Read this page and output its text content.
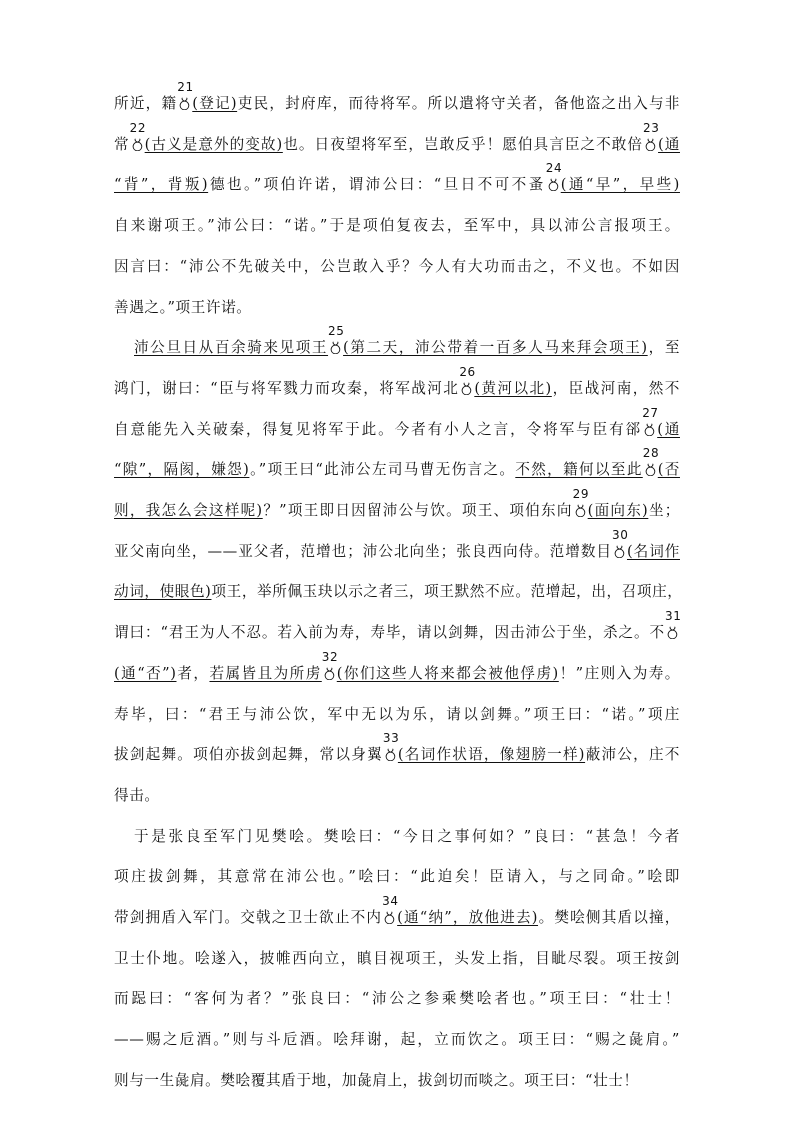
所近，籍
21
(登记)吏民，封府库，而待将军。所以遣将守关者，备他盗之出入与非
常
22
(古义是意外的变故)也。日夜望将军至，岂敢反乎！愿伯具言臣之不敢倍
23
(通
“背”，背叛)德也。”项伯许诺，谓沛公曰：“旦日不可不蚤
24
(通“早”，早些)
自来谢项王。”沛公曰：“诺。”于是项伯复夜去，至军中，具以沛公言报项王。
因言曰：“沛公不先破关中，公岂敢入乎？今人有大功而击之，不义也。不如因
善遇之。”项王许诺。
沛公旦日从百余骑来见项王
25
(第二天，沛公带着一百多人马来拜会项王)，至
鸿门，谢曰：“臣与将军戮力而攻秦，将军战河北
26
(黄河以北)，臣战河南，然不
自意能先入关破秦，得复见将军于此。今者有小人之言，令将军与臣有郤
27
(通
“隙”，隔阂，嫌怨)。”项王曰“此沛公左司马曹无伤言之。不然，籍何以至此
28
(否
则，我怎么会这样呢)？”项王即日因留沛公与饮。项王、项伯东向
29
(面向东)坐；
亚父南向坐，——亚父者，范增也；沛公北向坐；张良西向侍。范增数目
30
(名词作
动词，使眼色)项王，举所佩玉玦以示之者三，项王默然不应。范增起，出，召项庄，
谓曰：“君王为人不忍。若入前为寿，寿毕，请以剑舞，因击沛公于坐，杀之。不
31
(通“否”)者，若属皆且为所虏
32
(你们这些人将来都会被他俘虏)！”庄则入为寿。
寿毕，曰：“君王与沛公饮，军中无以为乐，请以剑舞。”项王曰：“诺。”项庄
拔剑起舞。项伯亦拔剑起舞，常以身翼
33
(名词作状语，像翅膀一样)蔽沛公，庄不
得击。
于是张良至军门见樊哙。樊哙曰：“今日之事何如？”良曰：“甚急！今者
项庄拔剑舞，其意常在沛公也。”哙曰：“此迫矣！臣请入，与之同命。”哙即
带剑拥盾入军门。交戟之卫士欲止不内
34
(通“纳”，放他进去)。樊哙侧其盾以撞，
卫士仆地。哙遂入，披帷西向立，瞋目视项王，头发上指，目眦尽裂。项王按剑
而跽曰：“客何为者？”张良曰：“沛公之参乘樊哙者也。”项王曰：“壮士！
——赐之卮酒。”则与斗卮酒。哙拜谢，起，立而饮之。项王曰：“赐之彘肩。”
则与一生彘肩。樊哙覆其盾于地，加彘肩上，拔剑切而啖之。项王曰：“壮士！
